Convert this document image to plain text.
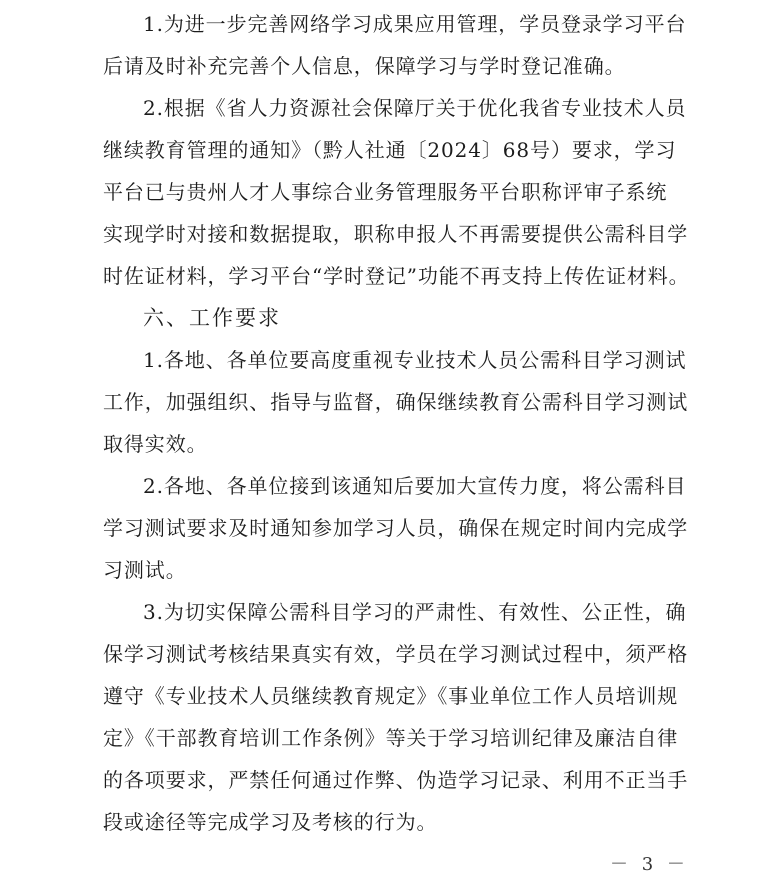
1.为进一步完善网络学习成果应用管理，学员登录学习平台
后请及时补充完善个人信息，保障学习与学时登记准确。
2.根据《省人力资源社会保障厅关于优化我省专业技术人员
继续教育管理的通知》（黔人社通〔2024〕68号）要求，学习
平台已与贵州人才人事综合业务管理服务平台职称评审子系统
实现学时对接和数据提取，职称申报人不再需要提供公需科目学
时佐证材料，学习平台“学时登记”功能不再支持上传佐证材料。
六、工作要求
1.各地、各单位要高度重视专业技术人员公需科目学习测试
工作，加强组织、指导与监督，确保继续教育公需科目学习测试
取得实效。
2.各地、各单位接到该通知后要加大宣传力度，将公需科目
学习测试要求及时通知参加学习人员，确保在规定时间内完成学
习测试。
3.为切实保障公需科目学习的严肃性、有效性、公正性，确
保学习测试考核结果真实有效，学员在学习测试过程中，须严格
遵守《专业技术人员继续教育规定》《事业单位工作人员培训规
定》《干部教育培训工作条例》等关于学习培训纪律及廉洁自律
的各项要求，严禁任何通过作弊、伪造学习记录、利用不正当手
段或途径等完成学习及考核的行为。
－ 3 －
